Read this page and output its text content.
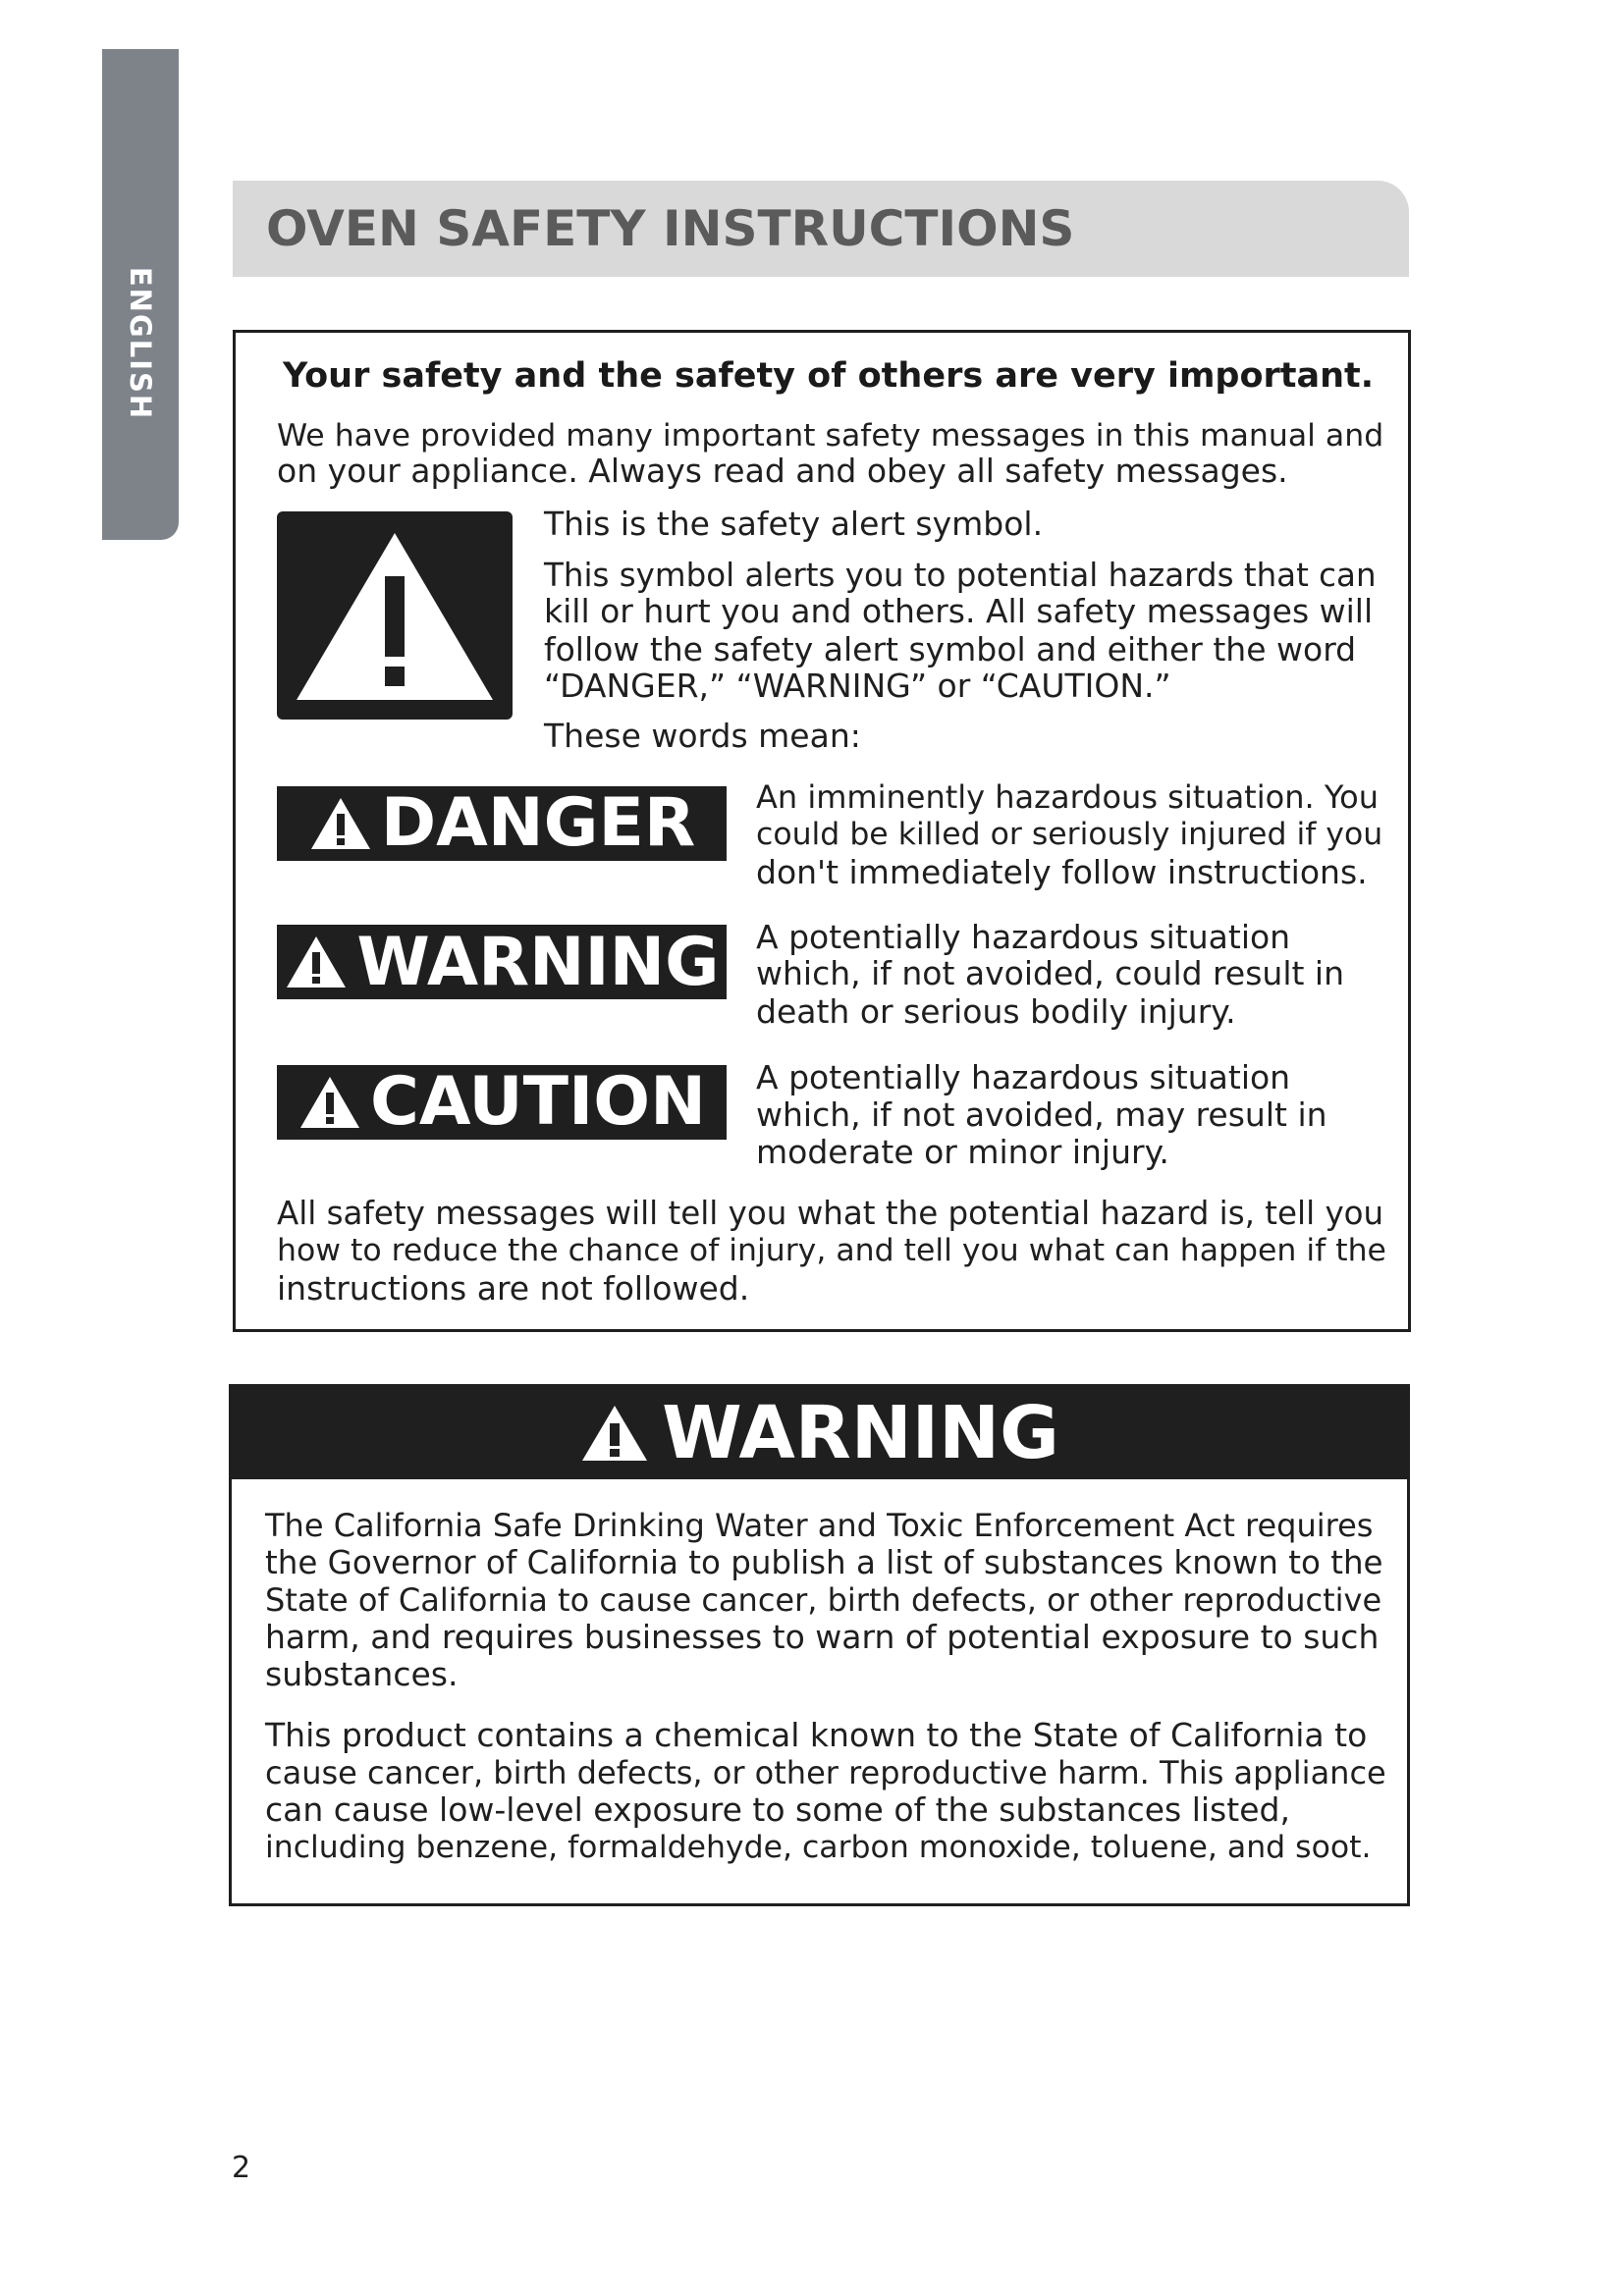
ENGLISH
OVEN SAFETY INSTRUCTIONS
Your safety and the safety of others are very important.
We have provided many important safety messages in this manual and
on your appliance. Always read and obey all safety messages.
This is the safety alert symbol.
This symbol alerts you to potential hazards that can
kill or hurt you and others. All safety messages will
follow the safety alert symbol and either the word
“DANGER,” “WARNING” or “CAUTION.”
These words mean:
DANGER An imminently hazardous situation. You
could be killed or seriously injured if you
don't immediately follow instructions.
WARNING A potentially hazardous situation
which, if not avoided, could result in
death or serious bodily injury.
CAUTION A potentially hazardous situation
which, if not avoided, may result in
moderate or minor injury.
All safety messages will tell you what the potential hazard is, tell you
how to reduce the chance of injury, and tell you what can happen if the
instructions are not followed.
WARNING
The California Safe Drinking Water and Toxic Enforcement Act requires
the Governor of California to publish a list of substances known to the
State of California to cause cancer, birth defects, or other reproductive
harm, and requires businesses to warn of potential exposure to such
substances.
This product contains a chemical known to the State of California to
cause cancer, birth defects, or other reproductive harm. This appliance
can cause low-level exposure to some of the substances listed,
including benzene, formaldehyde, carbon monoxide, toluene, and soot.
2
